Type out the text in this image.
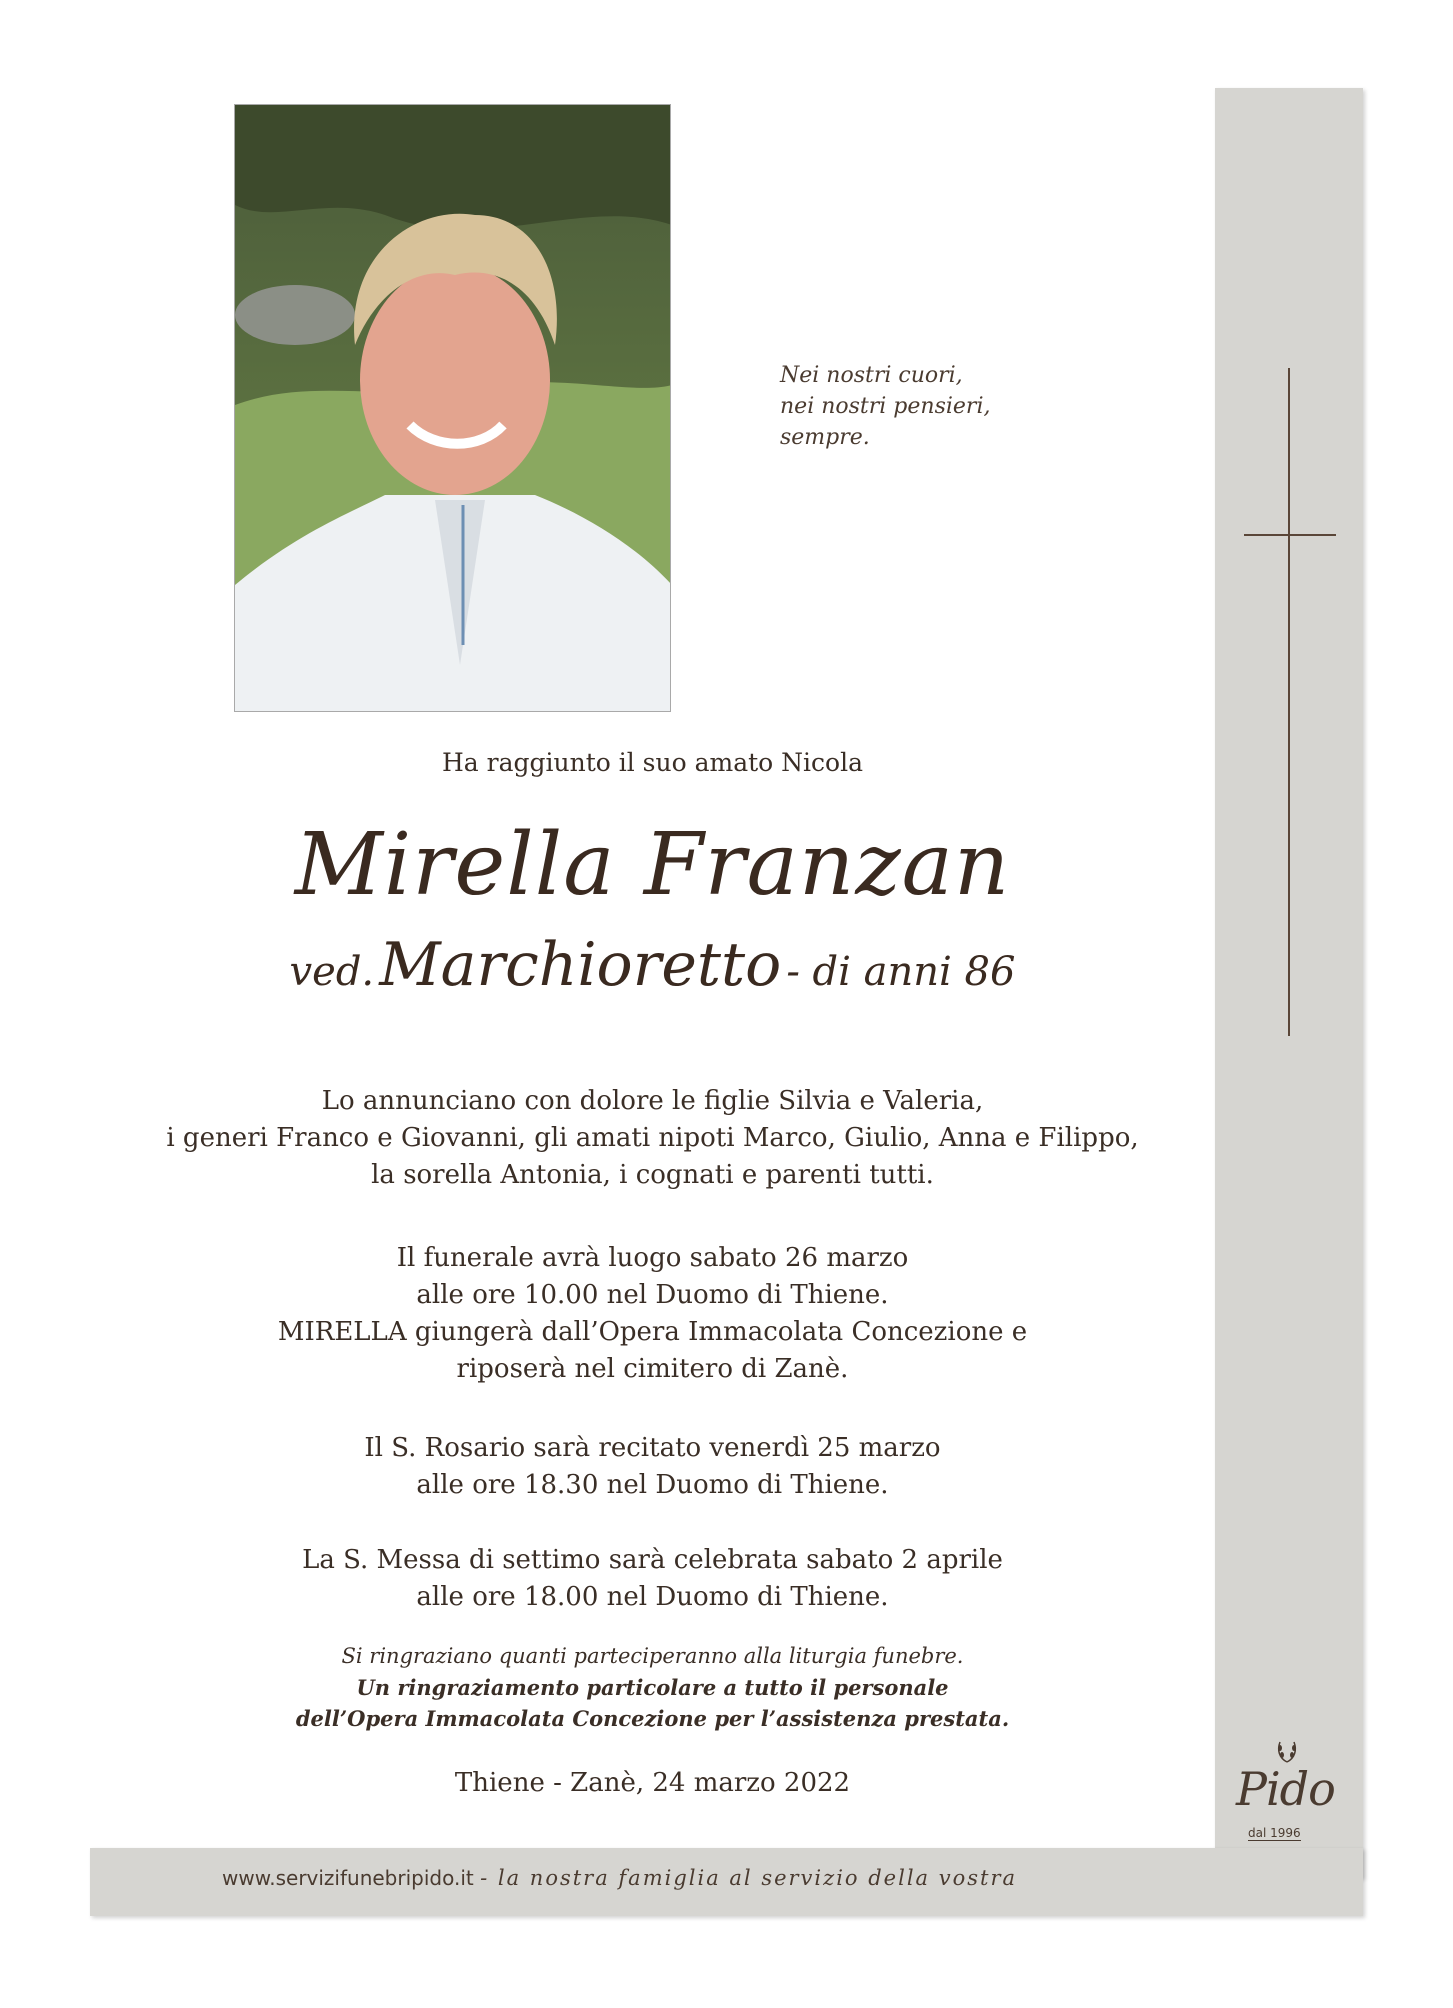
Pido
dal 1996
Nei nostri cuori,
nei nostri pensieri,
sempre.
Ha raggiunto il suo amato Nicola
Mirella Franzan
ved. Marchioretto - di anni 86
Lo annunciano con dolore le figlie Silvia e Valeria,
i generi Franco e Giovanni, gli amati nipoti Marco, Giulio, Anna e Filippo,
la sorella Antonia, i cognati e parenti tutti.
Il funerale avrà luogo sabato 26 marzo
alle ore 10.00 nel Duomo di Thiene.
MIRELLA giungerà dall’Opera Immacolata Concezione e
riposerà nel cimitero di Zanè.
Il S. Rosario sarà recitato venerdì 25 marzo
alle ore 18.30 nel Duomo di Thiene.
La S. Messa di settimo sarà celebrata sabato 2 aprile
alle ore 18.00 nel Duomo di Thiene.
Si ringraziano quanti parteciperanno alla liturgia funebre.
Un ringraziamento particolare a tutto il personale
dell’Opera Immacolata Concezione per l’assistenza prestata.
Thiene - Zanè, 24 marzo 2022
www.servizifunebripido.it - la nostra famiglia al servizio della vostra
